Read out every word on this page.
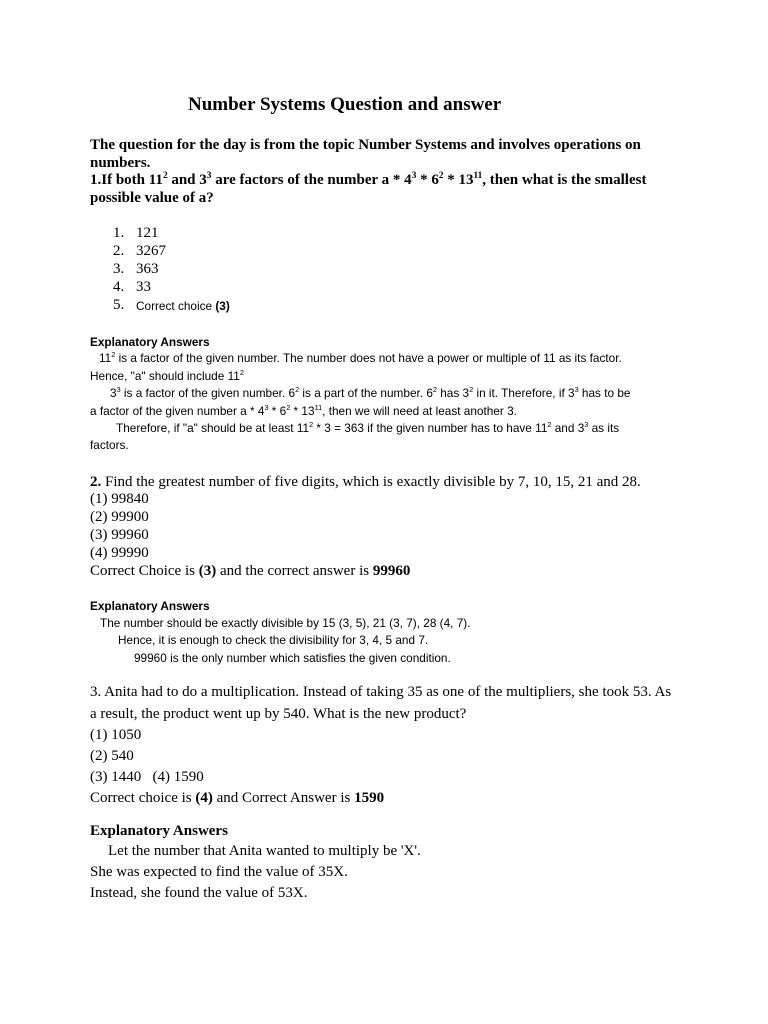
Number Systems Question and answer
The question for the day is from the topic Number Systems and involves operations on
numbers.
1.If both $11^2$ and $3^3$ are factors of the number a * $4^3 * 6^2 * 13^{11}$, then what is the smallest
possible value of a?
1. 121
2. 3267
3. 363
4. 33
5. Correct choice (3)
Explanatory Answers
$11^2$ is a factor of the given number. The number does not have a power or multiple of 11 as its factor.
Hence, "a" should include $11^2$
$3^3$ is a factor of the given number. $6^2$ is a part of the number. $6^2$ has $3^2$ in it. Therefore, if $3^3$ has to be
a factor of the given number a * $4^3 * 6^2 * 13^{11}$, then we will need at least another 3.
Therefore, if "a" should be at least $11^2 * 3 = 363$ if the given number has to have $11^2$ and $3^3$ as its
factors.
2. Find the greatest number of five digits, which is exactly divisible by 7, 10, 15, 21 and 28.
(1) 99840
(2) 99900
(3) 99960
(4) 99990
Correct Choice is (3) and the correct answer is 99960
Explanatory Answers
The number should be exactly divisible by 15 (3, 5), 21 (3, 7), 28 (4, 7).
Hence, it is enough to check the divisibility for 3, 4, 5 and 7.
99960 is the only number which satisfies the given condition.
3. Anita had to do a multiplication. Instead of taking 35 as one of the multipliers, she took 53. As
a result, the product went up by 540. What is the new product?
(1) 1050
(2) 540
(3) 1440   (4) 1590
Correct choice is (4) and Correct Answer is 1590
Explanatory Answers
Let the number that Anita wanted to multiply be 'X'.
She was expected to find the value of 35X.
Instead, she found the value of 53X.
